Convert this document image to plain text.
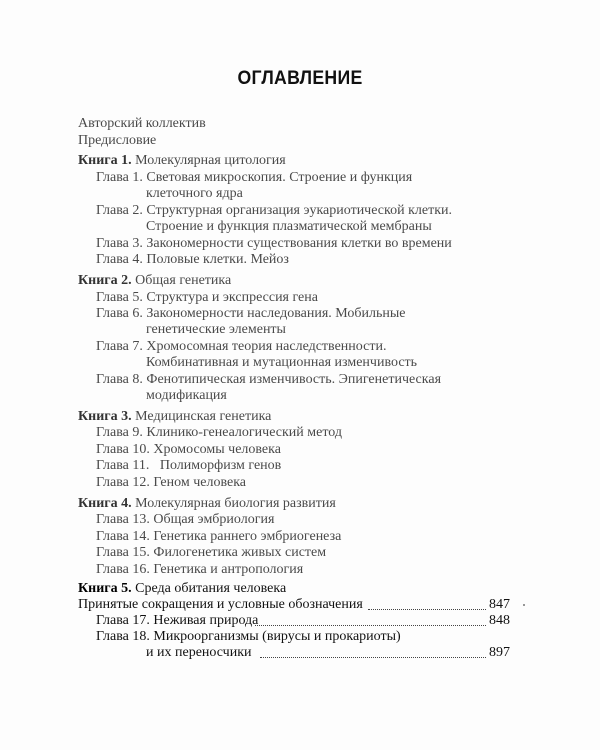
ОГЛАВЛЕНИЕ
Авторский коллектив
Предисловие
Книга 1. Молекулярная цитология
Глава 1. Световая микроскопия. Строение и функция
клеточного ядра
Глава 2. Структурная организация эукариотической клетки.
Строение и функция плазматической мембраны
Глава 3. Закономерности существования клетки во времени
Глава 4. Половые клетки. Мейоз
Книга 2. Общая генетика
Глава 5. Структура и экспрессия гена
Глава 6. Закономерности наследования. Мобильные
генетические элементы
Глава 7. Хромосомная теория наследственности.
Комбинативная и мутационная изменчивость
Глава 8. Фенотипическая изменчивость. Эпигенетическая
модификация
Книга 3. Медицинская генетика
Глава 9. Клинико-генеалогический метод
Глава 10. Хромосомы человека
Глава 11. Полиморфизм генов
Глава 12. Геном человека
Книга 4. Молекулярная биология развития
Глава 13. Общая эмбриология
Глава 14. Генетика раннего эмбриогенеза
Глава 15. Филогенетика живых систем
Глава 16. Генетика и антропология
Книга 5. Среда обитания человека
Принятые сокращения и условные обозначения	847
Глава 17. Неживая природа	848
Глава 18. Микроорганизмы (вирусы и прокариоты)
и их переносчики	897
